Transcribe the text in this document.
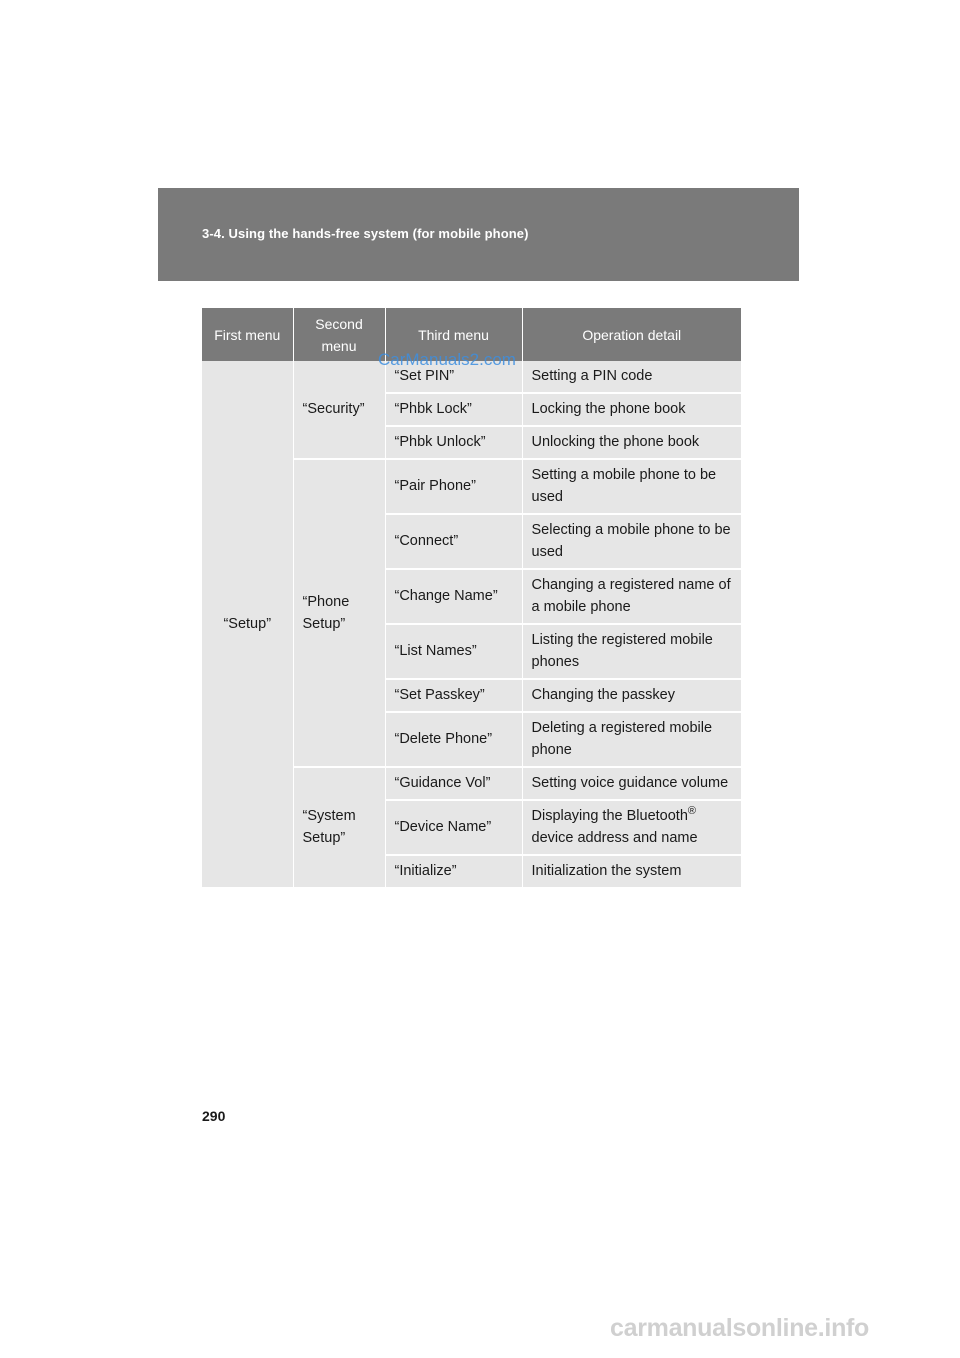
3-4. Using the hands-free system (for mobile phone)
First menu	Second menu	Third menu	Operation detail
“Setup”	“Security”	“Set PIN”	Setting a PIN code
		“Phbk Lock”	Locking the phone book
		“Phbk Unlock”	Unlocking the phone book
	“Phone Setup”	“Pair Phone”	Setting a mobile phone to be used
		“Connect”	Selecting a mobile phone to be used
		“Change Name”	Changing a registered name of a mobile phone
		“List Names”	Listing the registered mobile phones
		“Set Passkey”	Changing the passkey
		“Delete Phone”	Deleting a registered mobile phone
	“System Setup”	“Guidance Vol”	Setting voice guidance volume
		“Device Name”	Displaying the Bluetooth® device address and name
		“Initialize”	Initialization the system
CarManuals2.com
290
carmanualsonline.info
